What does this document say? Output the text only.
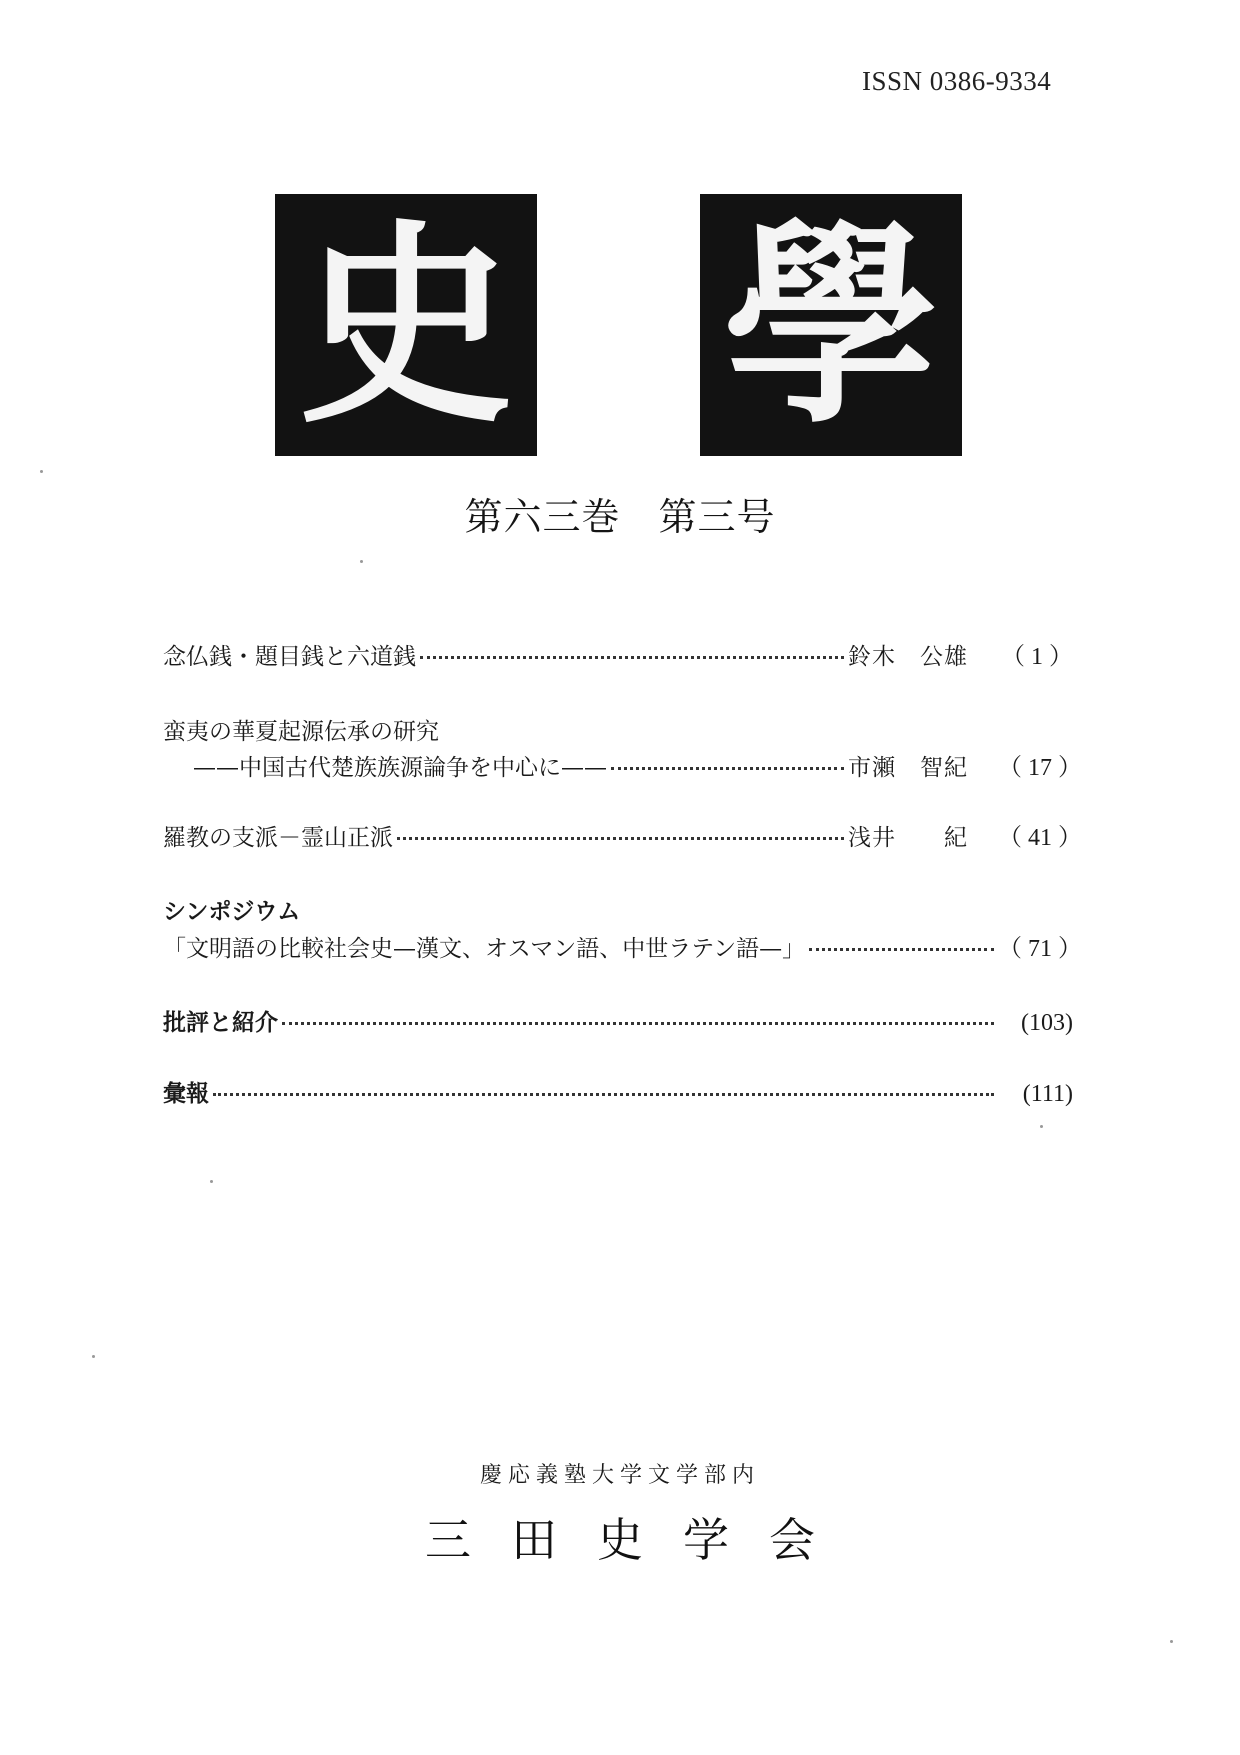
ISSN 0386-9334
史 學
第六三巻 第三号
念仏銭・題目銭と六道銭	鈴木　公雄	（ 1 ）
蛮夷の華夏起源伝承の研究
——中国古代楚族族源論争を中心に——	市瀬　智紀	（ 17 ）
羅教の支派－霊山正派	浅井　　紀	（ 41 ）
シンポジウム
「文明語の比較社会史—漢文、オスマン語、中世ラテン語—」	（ 71 ）
批評と紹介	(103)
彙報	(111)
慶応義塾大学文学部内
三田史学会
